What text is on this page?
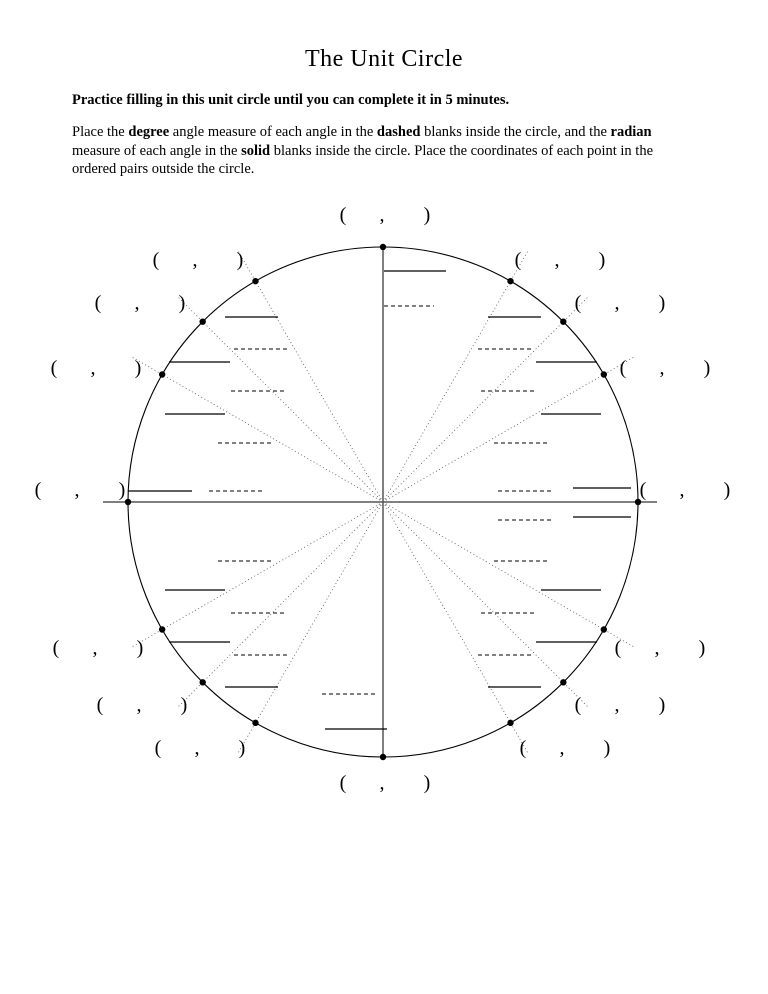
The Unit Circle

Practice filling in this unit circle until you can complete it in 5 minutes.

Place the degree angle measure of each angle in the dashed blanks inside the circle, and the radian measure of each angle in the solid blanks inside the circle. Place the coordinates of each point in the ordered pairs outside the circle.

( , )
( , )
( , )
( , )
( , )
( , )
( , )
( , )
( , )
( , )
( , )
( , )
( , )
( , )
( , )
( , )
